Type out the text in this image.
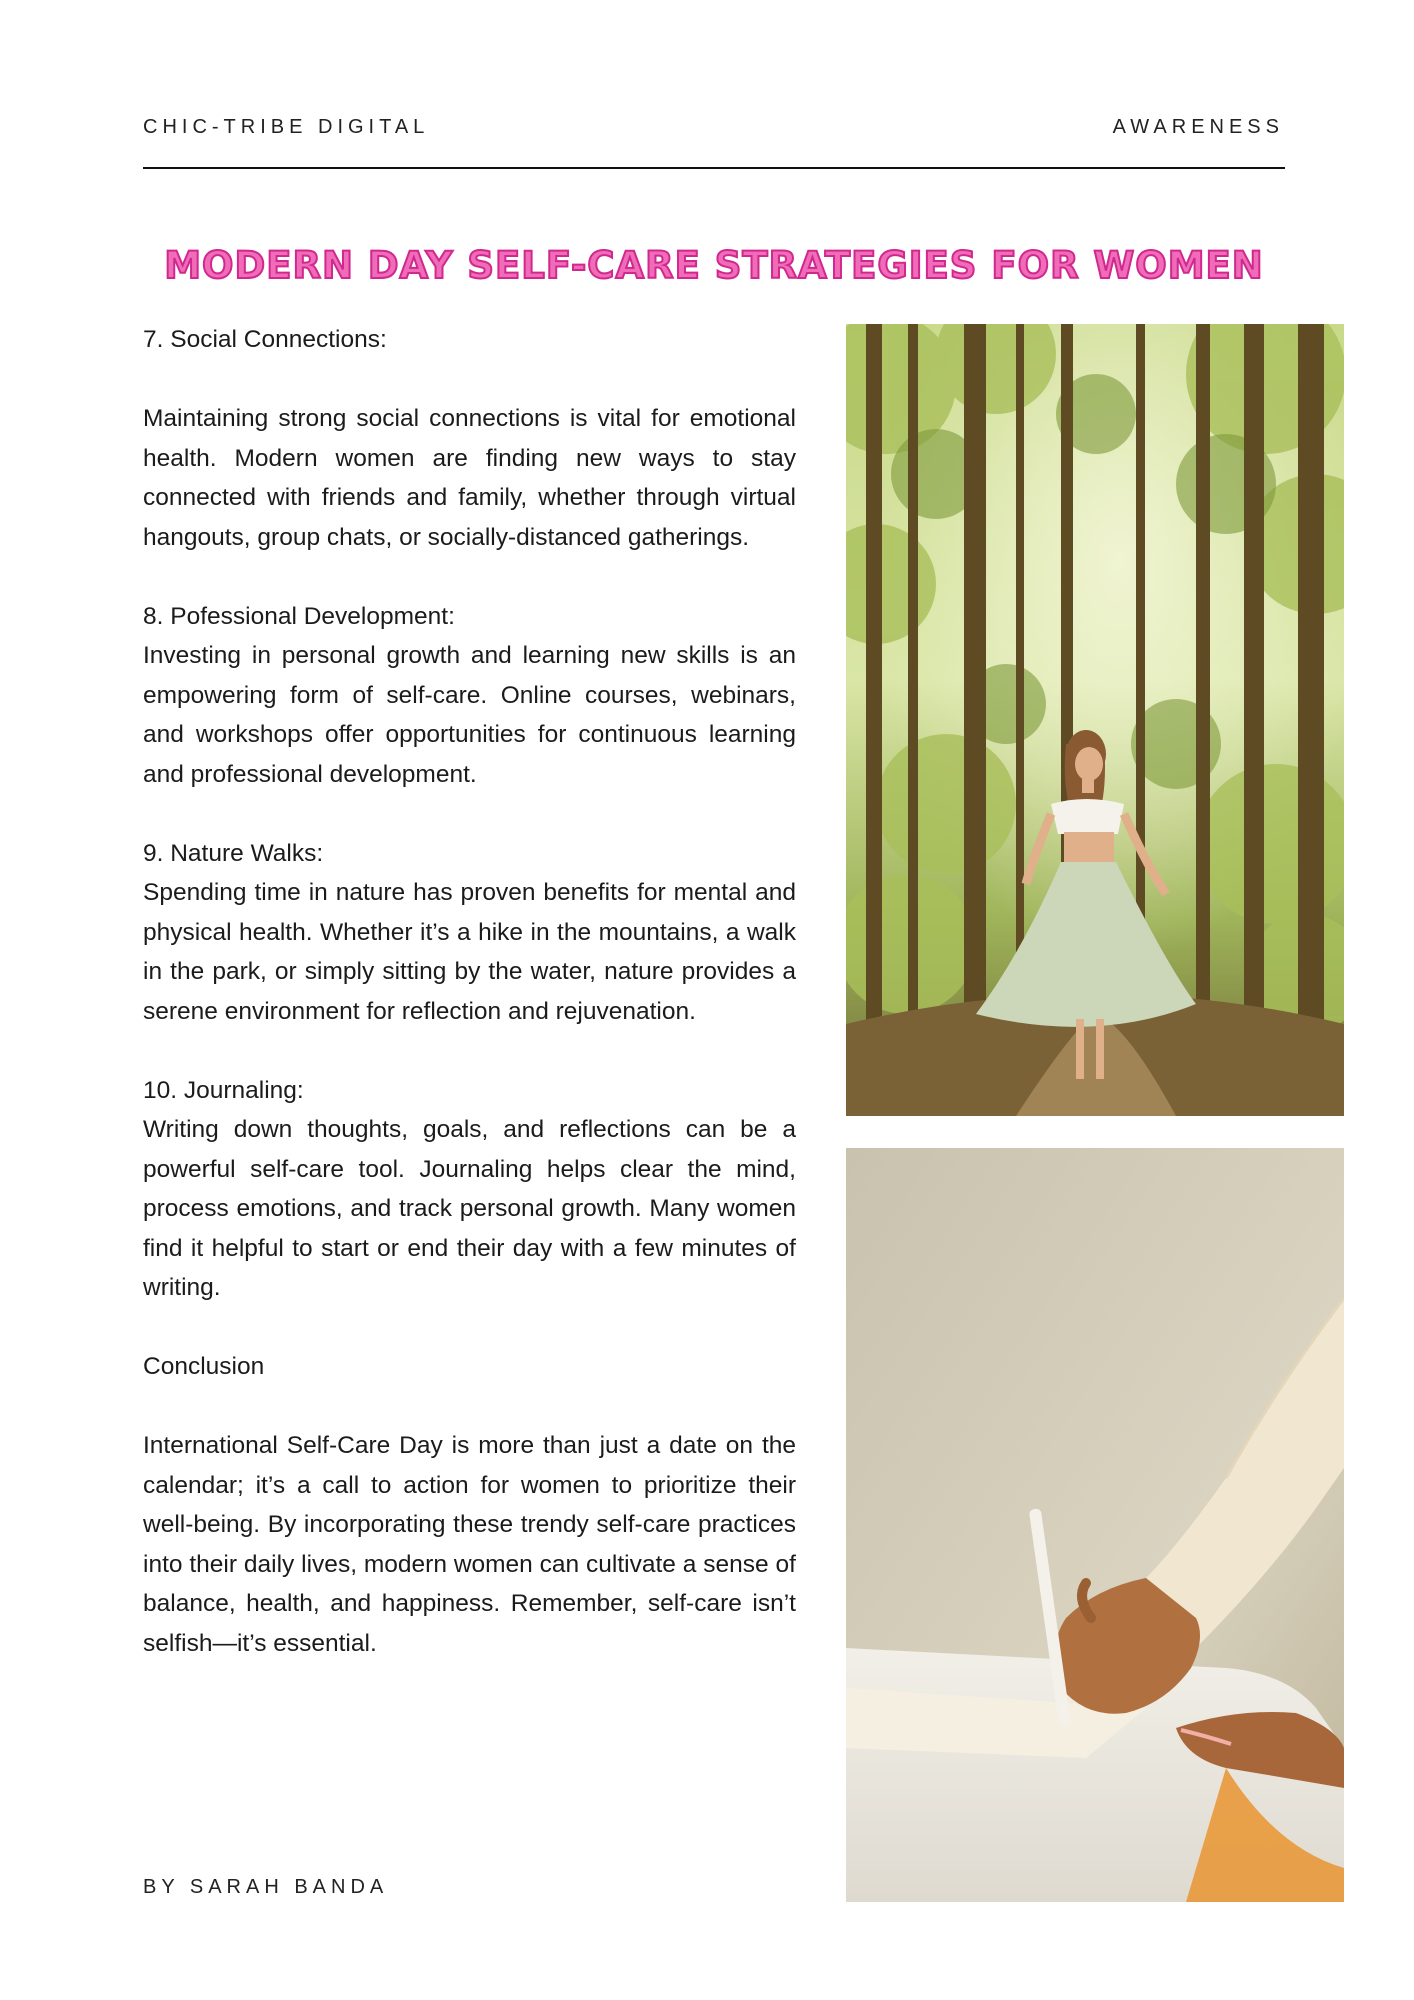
CHIC-TRIBE DIGITAL	AWARENESS
MODERN DAY SELF-CARE STRATEGIES FOR WOMEN

7. Social Connections:

Maintaining strong social connections is vital for emotional health. Modern women are finding new ways to stay connected with friends and family, whether through virtual hangouts, group chats, or socially-distanced gatherings.

8. Pofessional Development:

Investing in personal growth and learning new skills is an empowering form of self-care. Online courses, webinars, and workshops offer opportunities for continuous learning and professional development.

9. Nature Walks:

Spending time in nature has proven benefits for mental and physical health. Whether it’s a hike in the mountains, a walk in the park, or simply sitting by the water, nature provides a serene environment for reflection and rejuvenation.

10. Journaling:

Writing down thoughts, goals, and reflections can be a powerful self-care tool. Journaling helps clear the mind, process emotions, and track personal growth. Many women find it helpful to start or end their day with a few minutes of writing.

Conclusion

International Self-Care Day is more than just a date on the calendar; it’s a call to action for women to prioritize their well-being. By incorporating these trendy self-care practices into their daily lives, modern women can cultivate a sense of balance, health, and happiness. Remember, self-care isn’t selfish—it’s essential.

BY SARAH BANDA
